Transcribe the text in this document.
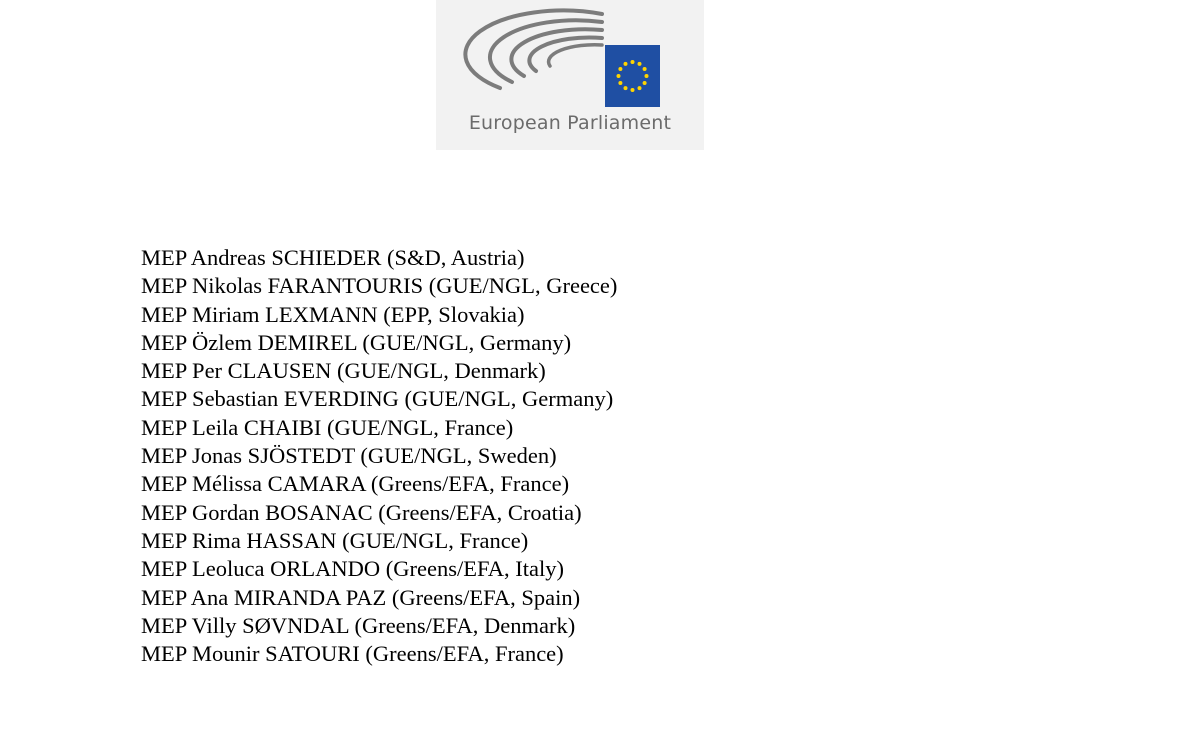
European Parliament
MEP Andreas SCHIEDER (S&D, Austria)
MEP Nikolas FARANTOURIS (GUE/NGL, Greece)
MEP Miriam LEXMANN (EPP, Slovakia)
MEP Özlem DEMIREL (GUE/NGL, Germany)
MEP Per CLAUSEN (GUE/NGL, Denmark)
MEP Sebastian EVERDING (GUE/NGL, Germany)
MEP Leila CHAIBI (GUE/NGL, France)
MEP Jonas SJÖSTEDT (GUE/NGL, Sweden)
MEP Mélissa CAMARA (Greens/EFA, France)
MEP Gordan BOSANAC (Greens/EFA, Croatia)
MEP Rima HASSAN (GUE/NGL, France)
MEP Leoluca ORLANDO (Greens/EFA, Italy)
MEP Ana MIRANDA PAZ (Greens/EFA, Spain)
MEP Villy SØVNDAL (Greens/EFA, Denmark)
MEP Mounir SATOURI (Greens/EFA, France)
